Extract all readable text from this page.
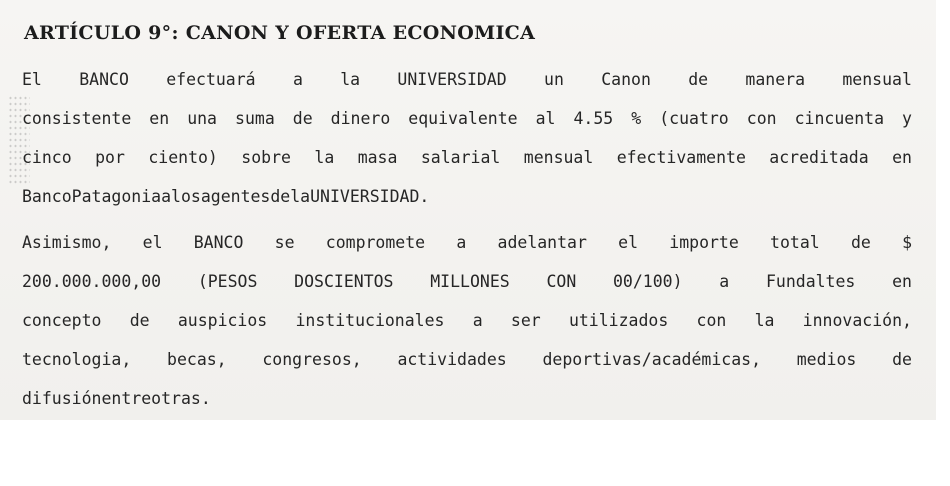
ARTÍCULO 9°: CANON Y OFERTA ECONOMICA
El BANCO efectuará a la UNIVERSIDAD un Canon de manera mensual
consistente en una suma de dinero equivalente al 4.55 % (cuatro con cincuenta y
cinco por ciento) sobre la masa salarial mensual efectivamente acreditada en
Banco Patagonia a los agentes de la UNIVERSIDAD.
Asimismo, el BANCO se compromete a adelantar el importe total de $
200.000.000,00 (PESOS DOSCIENTOS MILLONES CON 00/100) a Fundaltes en
concepto de auspicios institucionales a ser utilizados con la innovación,
tecnologia, becas, congresos, actividades deportivas/académicas, medios de
difusión entre otras.
